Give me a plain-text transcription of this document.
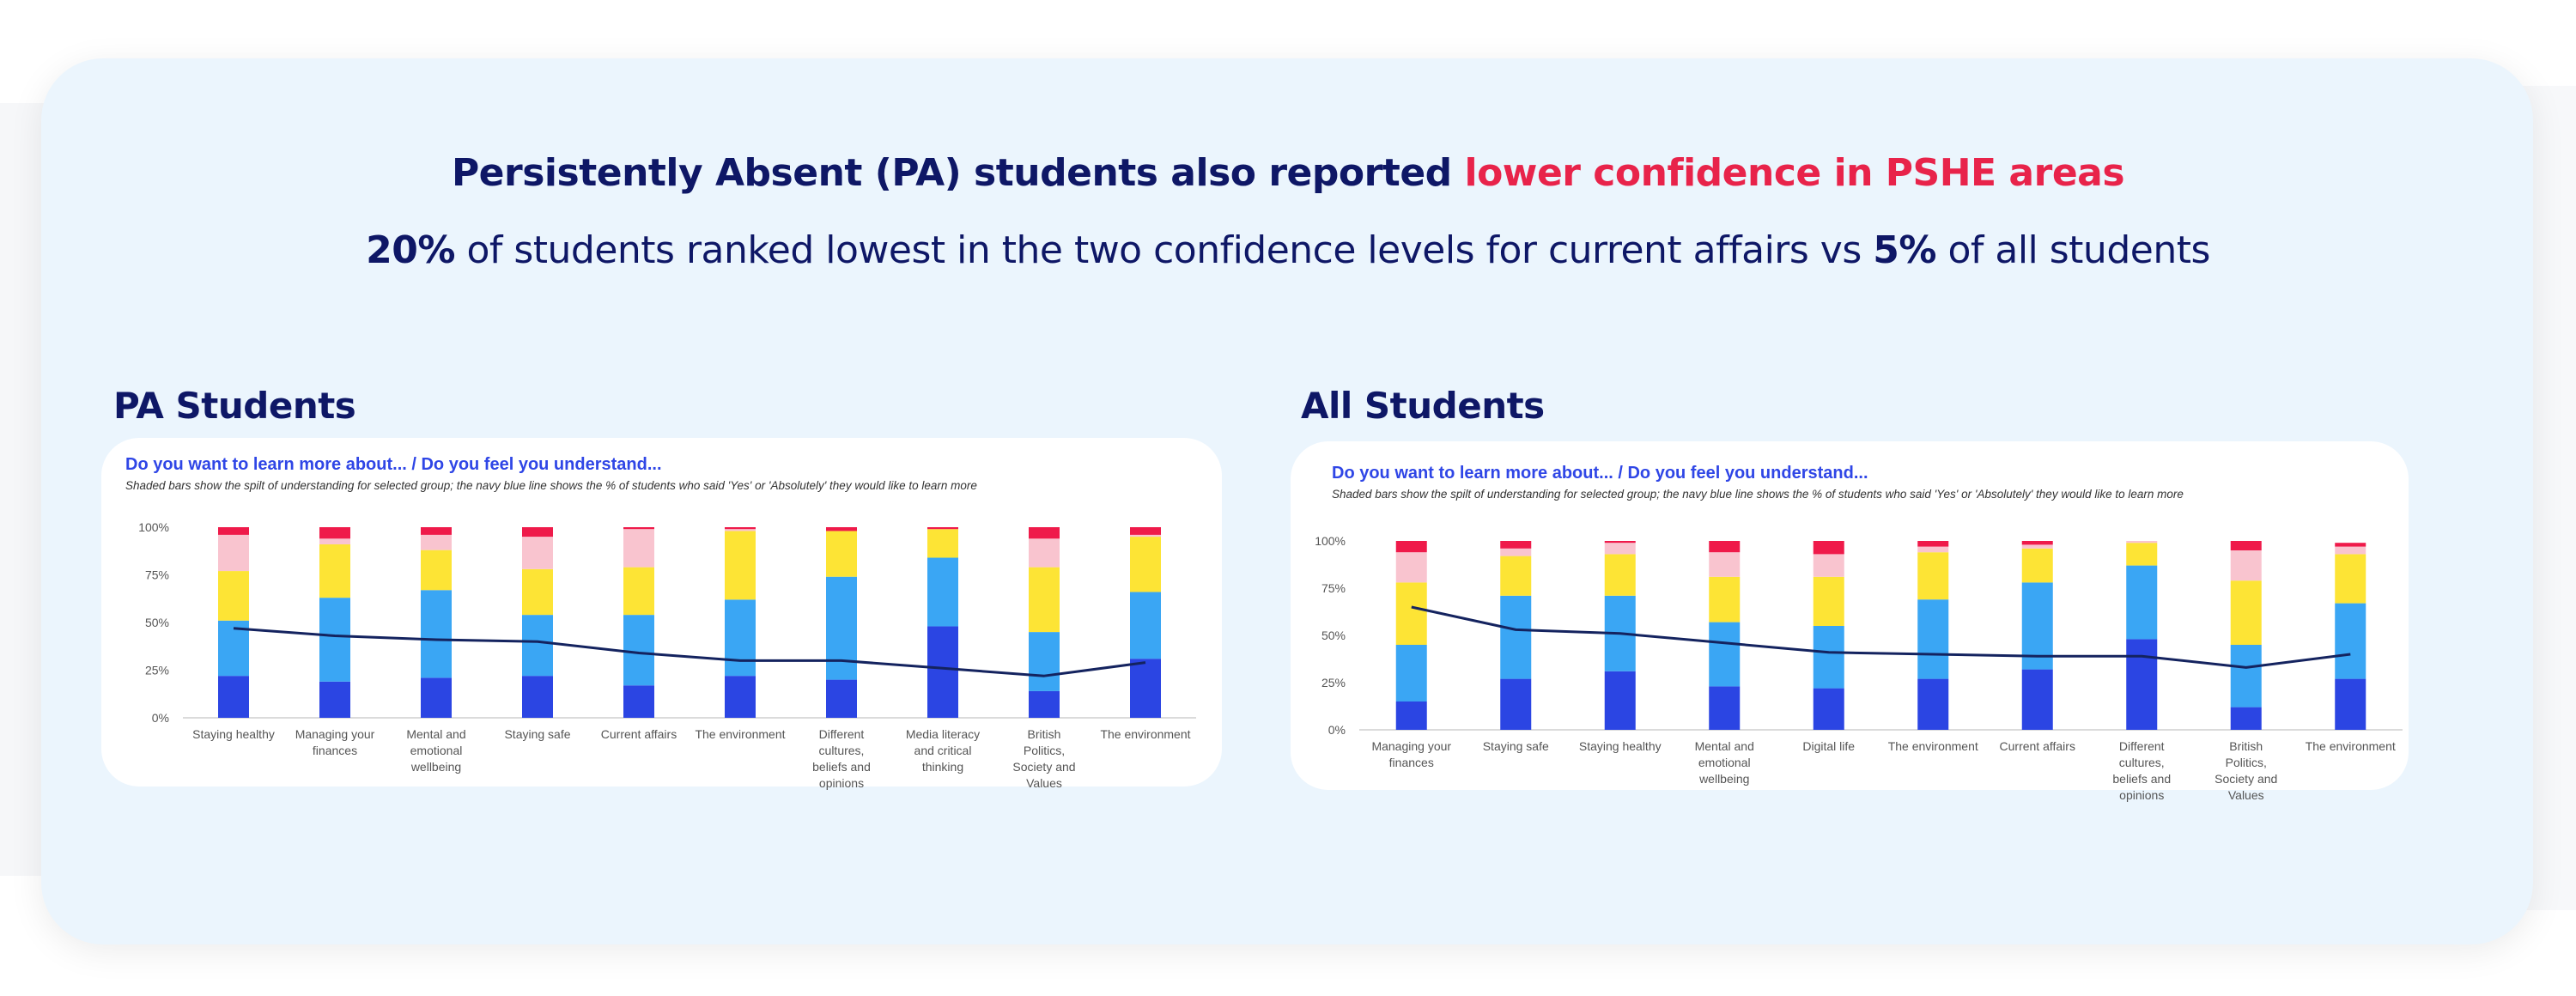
Persistently Absent (PA) students also reported lower confidence in PSHE areas
20% of students ranked lowest in the two confidence levels for current affairs vs 5% of all students
PA Students	All Students
Do you want to learn more about... / Do you feel you understand...
Shaded bars show the spilt of understanding for selected group; the navy blue line shows the % of students who said 'Yes' or 'Absolutely' they would like to learn more
0%
25%
50%
75%
100%
Staying healthy Managing your
finances
Mental and
emotional
wellbeing
Staying safe	Current affairs The environment	Different
cultures,
beliefs and
opinions
Media literacy
and critical
thinking
British
Politics,
Society and
Values
The environment
Do you want to learn more about... / Do you feel you understand...
Shaded bars show the spilt of understanding for selected group; the navy blue line shows the % of students who said 'Yes' or 'Absolutely' they would like to learn more
0%
25%
50%
75%
100%
Managing your
finances
Staying safe	Staying healthy	Mental and
emotional
wellbeing
Digital life	The environment Current affairs	Different
cultures,
beliefs and
opinions
British
Politics,
Society and
Values
The environment
